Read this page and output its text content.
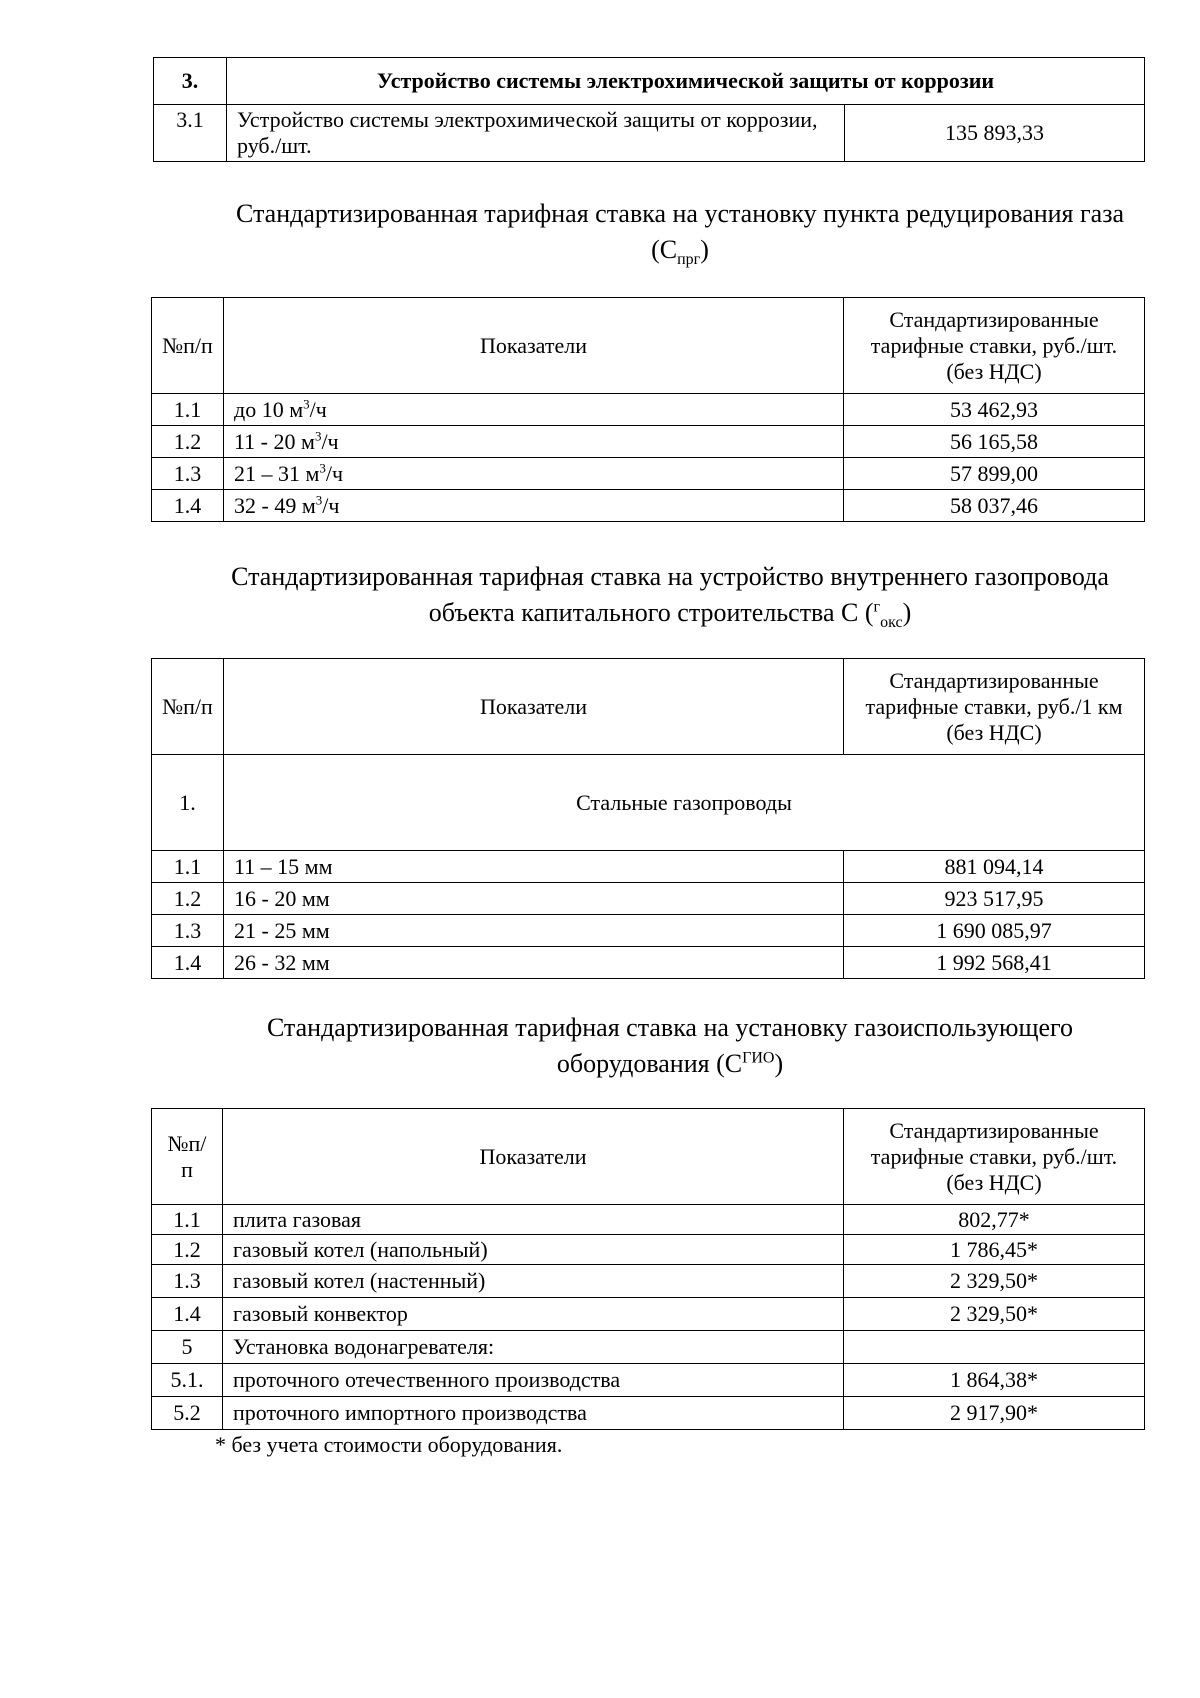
3.	Устройство системы электрохимической защиты от коррозии	
3.1	Устройство системы электрохимической защиты от коррозии, руб./шт.	135 893,33

Стандартизированная тарифная ставка на установку пункта редуцирования газа $(С_{прг})$

№п/п	Показатели	Стандартизированные тарифные ставки, руб./шт. (без НДС)
1.1	до 10 $м^3/ч$	53 462,93
1.2	11 - 20 $м^3/ч$	56 165,58
1.3	21 – 31 $м^3/ч$	57 899,00
1.4	32 - 49 $м^3/ч$	58 037,46

Стандартизированная тарифная ставка на устройство внутреннего газопровода объекта капитального строительства С ($^г_{окс}$)

№п/п	Показатели	Стандартизированные тарифные ставки, руб./1 км (без НДС)
1.	Стальные газопроводы	
1.1	11 – 15 мм	881 094,14
1.2	16 - 20 мм	923 517,95
1.3	21 - 25 мм	1 690 085,97
1.4	26 - 32 мм	1 992 568,41

Стандартизированная тарифная ставка на установку газоиспользующего оборудования $(С^{ГИО})$

№п/п	Показатели	Стандартизированные тарифные ставки, руб./шт. (без НДС)
1.1	плита газовая	802,77*
1.2	газовый котел (напольный)	1 786,45*
1.3	газовый котел (настенный)	2 329,50*
1.4	газовый конвектор	2 329,50*
5	Установка водонагревателя:	
5.1.	проточного отечественного производства	1 864,38*
5.2	проточного импортного производства	2 917,90*

* без учета стоимости оборудования.
